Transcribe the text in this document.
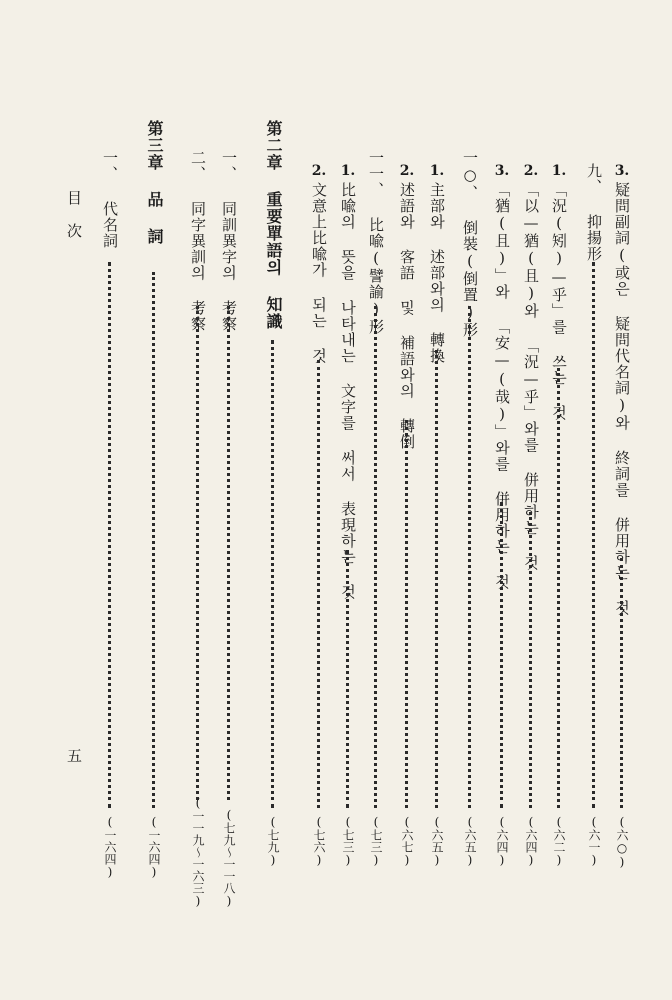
目 次
五
3.
疑問副詞(或은 疑問代名詞)와 終詞를 併用하는 것
(六○)
九、 抑揚形
(六一)
1.
「況(矧)—乎」를 쓰는 것
(六二)
2.
「以—猶(且)와 「況—乎」와를 併用하는 것
(六四)
3.
「猶(且)」와 「安—(哉)」와를 併用하는 것
(六四)
一○、 倒裝(倒置)形
(六五)
1.
主部와 述部와의 轉換
(六五)
2.
述語와 客語 및 補語와의 轉倒
(六七)
一一、 比喩(譬諭)形
(七三)
1.
比喩의 뜻을 나타내는 文字를 써서 表現하는 것
(七三)
2.
文意上比喩가 되는 것
(七六)
第二章 重要單語의 知識
(七九)
一、 同訓異字의 考察
(七九～一一八)
二、 同字異訓의 考察
(一一九～一六三)
第三章 品 詞
(一六四)
一、 代名詞
(一六四)
